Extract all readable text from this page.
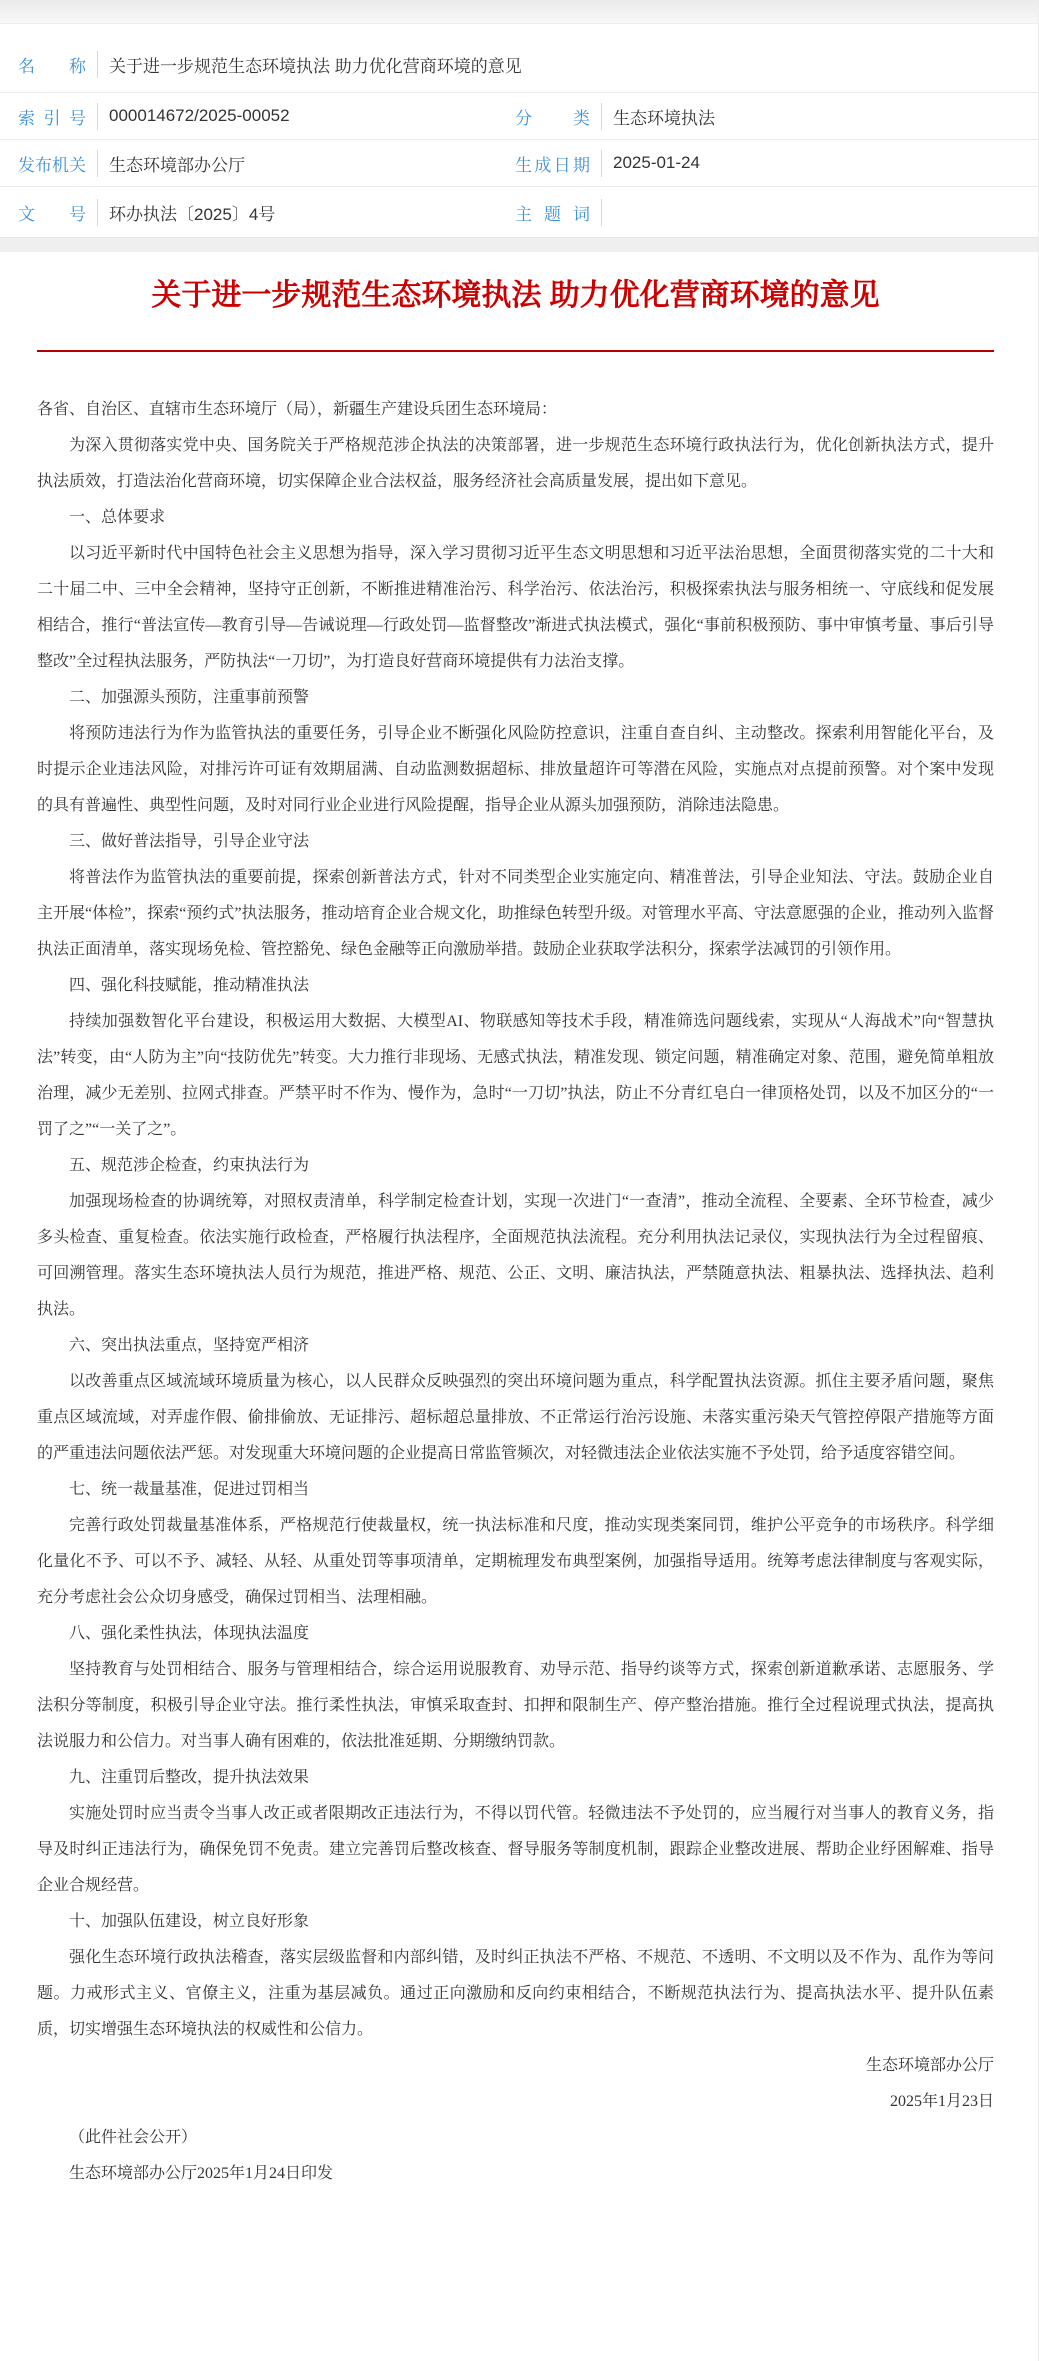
名称 关于进一步规范生态环境执法 助力优化营商环境的意见
索引号 000014672/2025-00052	分类 生态环境执法
发布机关 生态环境部办公厅	生成日期 2025-01-24
文号 环办执法〔2025〕4号	主题词
关于进一步规范生态环境执法 助力优化营商环境的意见

各省、自治区、直辖市生态环境厅（局），新疆生产建设兵团生态环境局：

为深入贯彻落实党中央、国务院关于严格规范涉企执法的决策部署，进一步规范生态环境行政执法行为，优化创新执法方式，提升执法质效，打造法治化营商环境，切实保障企业合法权益，服务经济社会高质量发展，提出如下意见。

一、总体要求

以习近平新时代中国特色社会主义思想为指导，深入学习贯彻习近平生态文明思想和习近平法治思想，全面贯彻落实党的二十大和二十届二中、三中全会精神，坚持守正创新，不断推进精准治污、科学治污、依法治污，积极探索执法与服务相统一、守底线和促发展相结合，推行“普法宣传—教育引导—告诫说理—行政处罚—监督整改”渐进式执法模式，强化“事前积极预防、事中审慎考量、事后引导整改”全过程执法服务，严防执法“一刀切”，为打造良好营商环境提供有力法治支撑。

二、加强源头预防，注重事前预警

将预防违法行为作为监管执法的重要任务，引导企业不断强化风险防控意识，注重自查自纠、主动整改。探索利用智能化平台，及时提示企业违法风险，对排污许可证有效期届满、自动监测数据超标、排放量超许可等潜在风险，实施点对点提前预警。对个案中发现的具有普遍性、典型性问题，及时对同行业企业进行风险提醒，指导企业从源头加强预防，消除违法隐患。

三、做好普法指导，引导企业守法

将普法作为监管执法的重要前提，探索创新普法方式，针对不同类型企业实施定向、精准普法，引导企业知法、守法。鼓励企业自主开展“体检”，探索“预约式”执法服务，推动培育企业合规文化，助推绿色转型升级。对管理水平高、守法意愿强的企业，推动列入监督执法正面清单，落实现场免检、管控豁免、绿色金融等正向激励举措。鼓励企业获取学法积分，探索学法减罚的引领作用。

四、强化科技赋能，推动精准执法

持续加强数智化平台建设，积极运用大数据、大模型AI、物联感知等技术手段，精准筛选问题线索，实现从“人海战术”向“智慧执法”转变，由“人防为主”向“技防优先”转变。大力推行非现场、无感式执法，精准发现、锁定问题，精准确定对象、范围，避免简单粗放治理，减少无差别、拉网式排查。严禁平时不作为、慢作为，急时“一刀切”执法，防止不分青红皂白一律顶格处罚，以及不加区分的“一罚了之”“一关了之”。

五、规范涉企检查，约束执法行为

加强现场检查的协调统筹，对照权责清单，科学制定检查计划，实现一次进门“一查清”，推动全流程、全要素、全环节检查，减少多头检查、重复检查。依法实施行政检查，严格履行执法程序，全面规范执法流程。充分利用执法记录仪，实现执法行为全过程留痕、可回溯管理。落实生态环境执法人员行为规范，推进严格、规范、公正、文明、廉洁执法，严禁随意执法、粗暴执法、选择执法、趋利执法。

六、突出执法重点，坚持宽严相济

以改善重点区域流域环境质量为核心，以人民群众反映强烈的突出环境问题为重点，科学配置执法资源。抓住主要矛盾问题，聚焦重点区域流域，对弄虚作假、偷排偷放、无证排污、超标超总量排放、不正常运行治污设施、未落实重污染天气管控停限产措施等方面的严重违法问题依法严惩。对发现重大环境问题的企业提高日常监管频次，对轻微违法企业依法实施不予处罚，给予适度容错空间。

七、统一裁量基准，促进过罚相当

完善行政处罚裁量基准体系，严格规范行使裁量权，统一执法标准和尺度，推动实现类案同罚，维护公平竞争的市场秩序。科学细化量化不予、可以不予、减轻、从轻、从重处罚等事项清单，定期梳理发布典型案例，加强指导适用。统筹考虑法律制度与客观实际，充分考虑社会公众切身感受，确保过罚相当、法理相融。

八、强化柔性执法，体现执法温度

坚持教育与处罚相结合、服务与管理相结合，综合运用说服教育、劝导示范、指导约谈等方式，探索创新道歉承诺、志愿服务、学法积分等制度，积极引导企业守法。推行柔性执法，审慎采取查封、扣押和限制生产、停产整治措施。推行全过程说理式执法，提高执法说服力和公信力。对当事人确有困难的，依法批准延期、分期缴纳罚款。

九、注重罚后整改，提升执法效果

实施处罚时应当责令当事人改正或者限期改正违法行为，不得以罚代管。轻微违法不予处罚的，应当履行对当事人的教育义务，指导及时纠正违法行为，确保免罚不免责。建立完善罚后整改核查、督导服务等制度机制，跟踪企业整改进展、帮助企业纾困解难、指导企业合规经营。

十、加强队伍建设，树立良好形象

强化生态环境行政执法稽查，落实层级监督和内部纠错，及时纠正执法不严格、不规范、不透明、不文明以及不作为、乱作为等问题。力戒形式主义、官僚主义，注重为基层减负。通过正向激励和反向约束相结合，不断规范执法行为、提高执法水平、提升队伍素质，切实增强生态环境执法的权威性和公信力。

生态环境部办公厅

2025年1月23日

（此件社会公开）

生态环境部办公厅2025年1月24日印发
